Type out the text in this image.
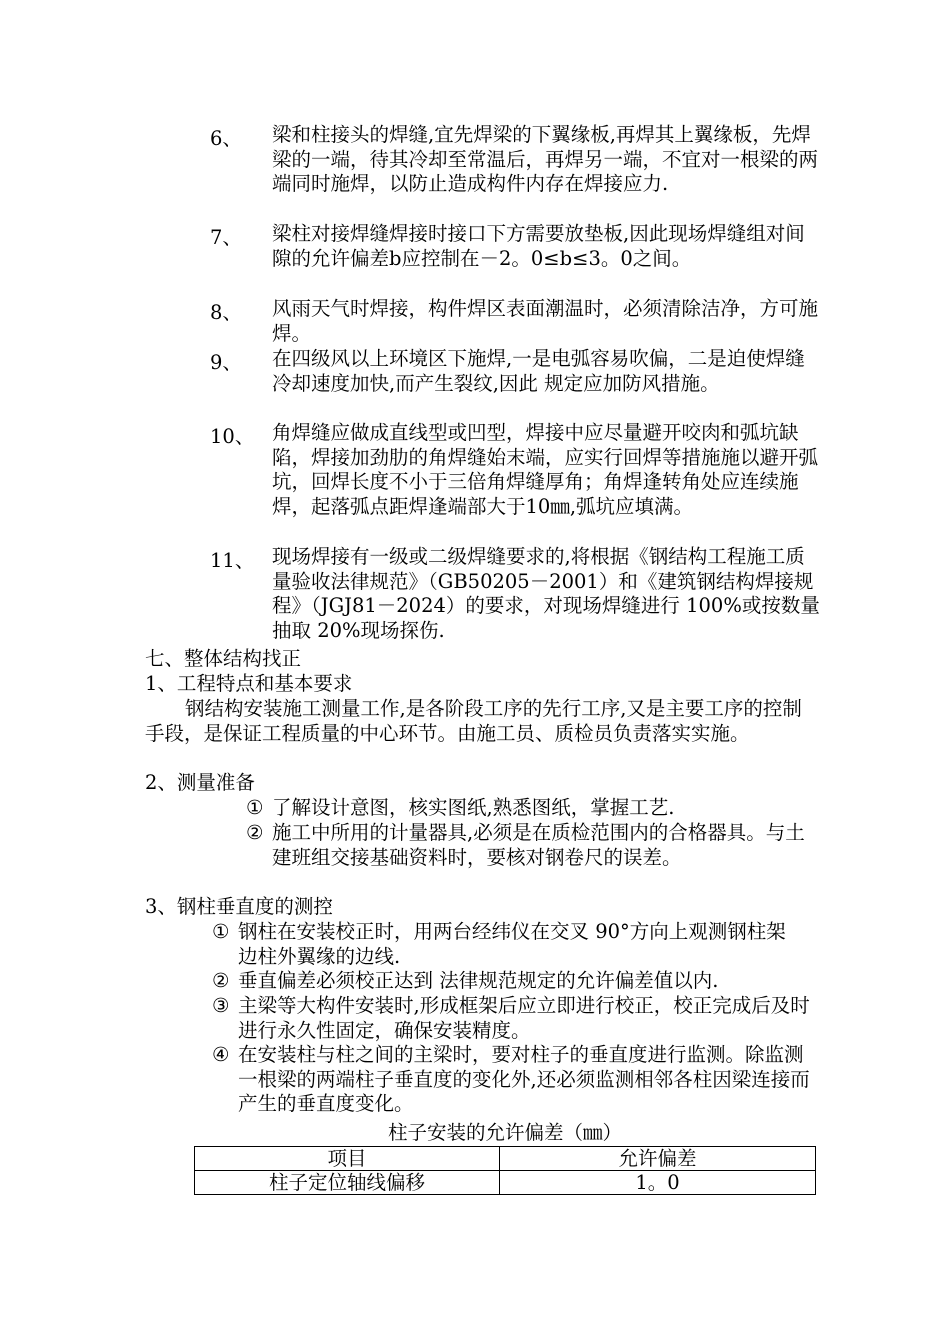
6、	梁和柱接头的焊缝,宜先焊梁的下翼缘板,再焊其上翼缘板，先焊梁的一端，待其冷却至常温后，再焊另一端，不宜对一根梁的两端同时施焊，以防止造成构件内存在焊接应力.
7、	梁柱对接焊缝焊接时接口下方需要放垫板,因此现场焊缝组对间隙的允许偏差b应控制在－2。0≤b≤3。0之间。
8、	风雨天气时焊接，构件焊区表面潮温时，必须清除洁净，方可施焊。
9、	在四级风以上环境区下施焊,一是电弧容易吹偏，二是迫使焊缝冷却速度加快,而产生裂纹,因此 规定应加防风措施。
10、 角焊缝应做成直线型或凹型，焊接中应尽量避开咬肉和弧坑缺陷，焊接加劲肋的角焊缝始末端，应实行回焊等措施施以避开弧坑，回焊长度不小于三倍角焊缝厚角；角焊逢转角处应连续施焊，起落弧点距焊逢端部大于10㎜,弧坑应填满。
11、 现场焊接有一级或二级焊缝要求的,将根据《钢结构工程施工质量验收法律规范》（GB50205－2001）和《建筑钢结构焊接规程》（JGJ81－2024）的要求，对现场焊缝进行 100%或按数量抽取 20%现场探伤.
七、整体结构找正
1、工程特点和基本要求
钢结构安装施工测量工作,是各阶段工序的先行工序,又是主要工序的控制手段，是保证工程质量的中心环节。由施工员、质检员负责落实实施。
2、测量准备
① 了解设计意图，核实图纸,熟悉图纸，掌握工艺.
② 施工中所用的计量器具,必须是在质检范围内的合格器具。与土建班组交接基础资料时，要核对钢卷尺的误差。
3、钢柱垂直度的测控
① 钢柱在安装校正时，用两台经纬仪在交叉 90°方向上观测钢柱架边柱外翼缘的边线.
② 垂直偏差必须校正达到 法律规范规定的允许偏差值以内.
③ 主梁等大构件安装时,形成框架后应立即进行校正，校正完成后及时进行永久性固定，确保安装精度。
④ 在安装柱与柱之间的主梁时，要对柱子的垂直度进行监测。除监测一根梁的两端柱子垂直度的变化外,还必须监测相邻各柱因梁连接而产生的垂直度变化。
柱子安装的允许偏差（㎜）
项目	允许偏差
柱子定位轴线偏移	1。0
